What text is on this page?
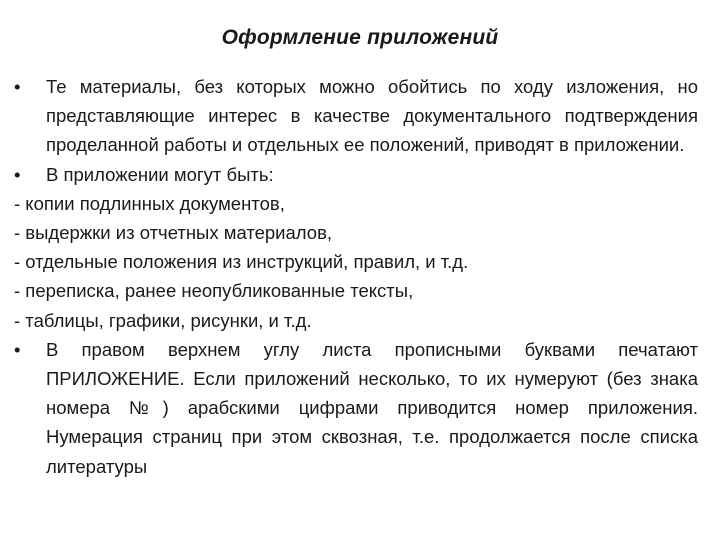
Оформление приложений
•	Те материалы, без которых можно обойтись по ходу изложения, но представляющие интерес в качестве документального подтверждения проделанной работы и отдельных ее положений, приводят в приложении.
•	В приложении могут быть:
- копии подлинных документов,
- выдержки из отчетных материалов,
- отдельные положения из инструкций, правил, и т.д.
- переписка, ранее неопубликованные тексты,
- таблицы, графики, рисунки, и т.д.
•	В правом верхнем углу листа прописными буквами печатают ПРИЛОЖЕНИЕ. Если приложений несколько, то их нумеруют (без знака номера №) арабскими цифрами приводится номер приложения. Нумерация страниц при этом сквозная, т.е. продолжается после списка литературы
